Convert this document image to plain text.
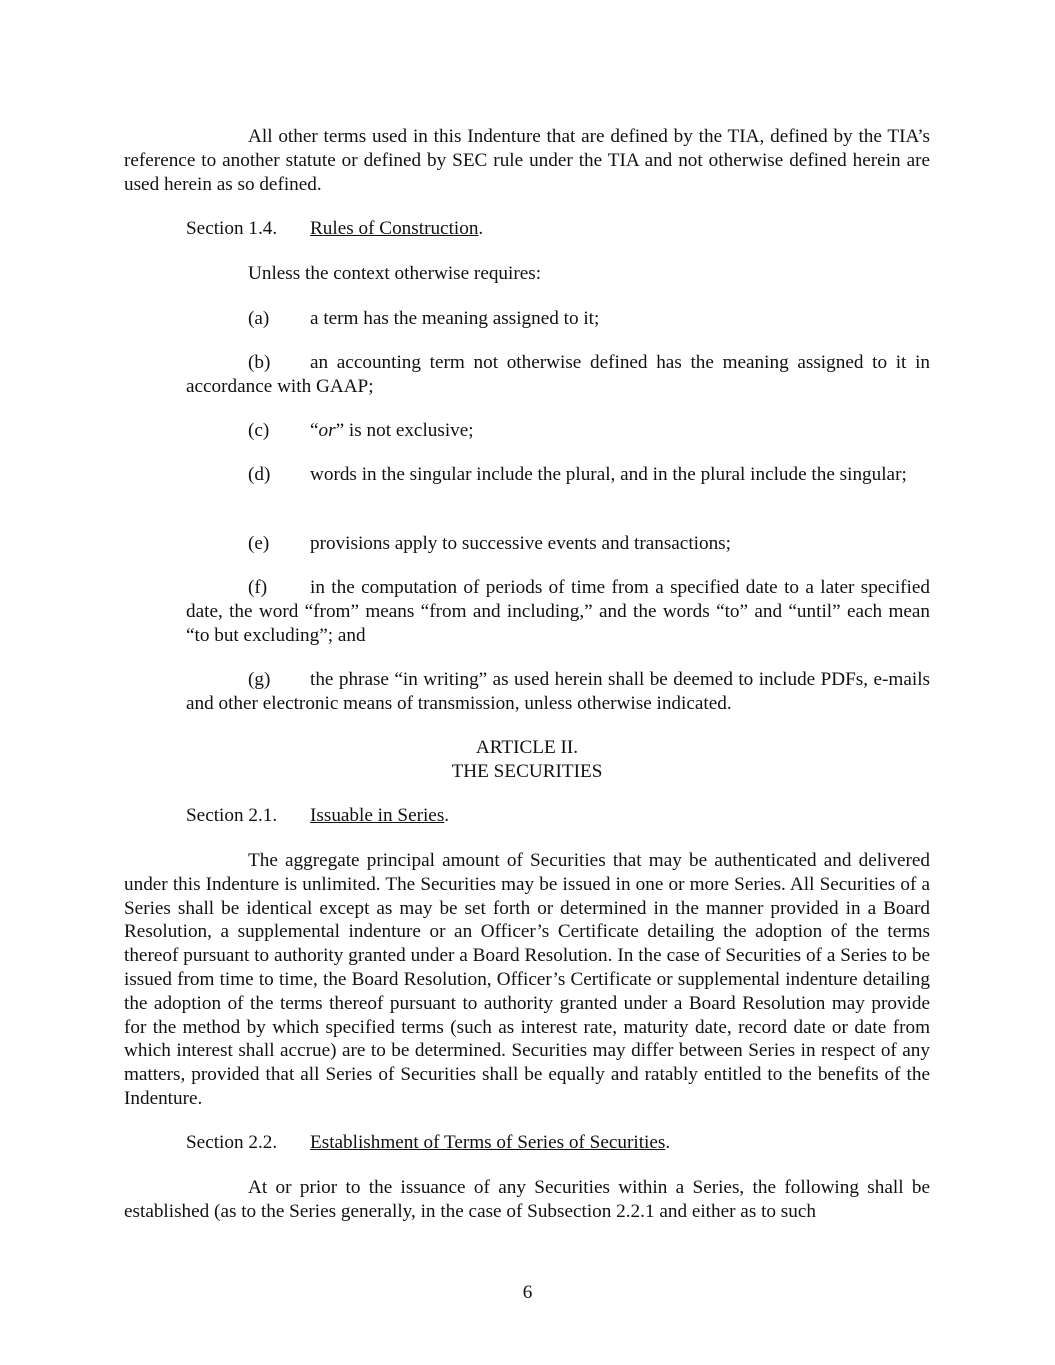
All other terms used in this Indenture that are defined by the TIA, defined by the TIA’s reference to another statute or defined by SEC rule under the TIA and not otherwise defined herein are used herein as so defined.

Section 1.4. Rules of Construction.

Unless the context otherwise requires:

(a) a term has the meaning assigned to it;

(b) an accounting term not otherwise defined has the meaning assigned to it in accordance with GAAP;

(c) “or” is not exclusive;

(d) words in the singular include the plural, and in the plural include the singular;

(e) provisions apply to successive events and transactions;

(f) in the computation of periods of time from a specified date to a later specified date, the word “from” means “from and including,” and the words “to” and “until” each mean “to but excluding”; and

(g) the phrase “in writing” as used herein shall be deemed to include PDFs, e-mails and other electronic means of transmission, unless otherwise indicated.

ARTICLE II.

THE SECURITIES

Section 2.1. Issuable in Series.

The aggregate principal amount of Securities that may be authenticated and delivered under this Indenture is unlimited. The Securities may be issued in one or more Series. All Securities of a Series shall be identical except as may be set forth or determined in the manner provided in a Board Resolution, a supplemental indenture or an Officer’s Certificate detailing the adoption of the terms thereof pursuant to authority granted under a Board Resolution. In the case of Securities of a Series to be issued from time to time, the Board Resolution, Officer’s Certificate or supplemental indenture detailing the adoption of the terms thereof pursuant to authority granted under a Board Resolution may provide for the method by which specified terms (such as interest rate, maturity date, record date or date from which interest shall accrue) are to be determined. Securities may differ between Series in respect of any matters, provided that all Series of Securities shall be equally and ratably entitled to the benefits of the Indenture.

Section 2.2. Establishment of Terms of Series of Securities.

At or prior to the issuance of any Securities within a Series, the following shall be established (as to the Series generally, in the case of Subsection 2.2.1 and either as to such

6
